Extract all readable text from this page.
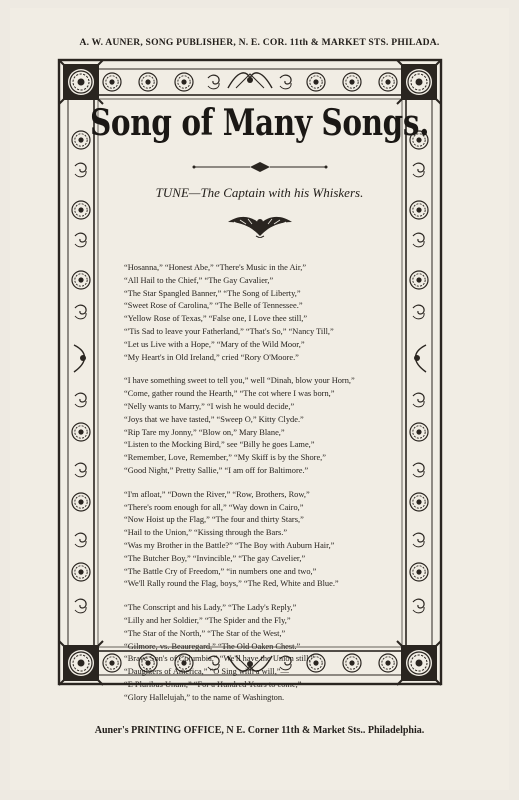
A. W. AUNER, SONG PUBLISHER, N. E. COR. 11th & MARKET STS. PHILADA.
Song of Many Songs.
TUNE—The Captain with his Whiskers.
“Hosanna,” “Honest Abe,” “There's Music in the Air,”
“All Hail to the Chief,” “The Gay Cavalier,”
“The Star Spangled Banner,” “The Song of Liberty,”
“Sweet Rose of Carolina,” “The Belle of Tennessee.”
“Yellow Rose of Texas,” “False one, I Love thee still,”
“'Tis Sad to leave your Fatherland,” “That's So,” “Nancy Till,”
“Let us Live with a Hope,” “Mary of the Wild Moor,”
“My Heart's in Old Ireland,” cried “Rory O'Moore.”
“I have something sweet to tell you,” well “Dinah, blow your Horn,”
“Come, gather round the Hearth,” “The cot where I was born,”
“Nelly wants to Marry,” “I wish he would decide,”
“Joys that we have tasted,” “Sweep O,” Kitty Clyde.”
“Rip Tare my Jonny,” “Blow on,” Mary Blane,”
“Listen to the Mocking Bird,” see “Billy he goes Lame,”
“Remember, Love, Remember,” “My Skiff is by the Shore,”
“Good Night,” Pretty Sallie,” “I am off for Baltimore.”
“I'm afloat,” “Down the River,” “Row, Brothers, Row,”
“There's room enough for all,” “Way down in Cairo,”
“Now Hoist up the Flag,” “The four and thirty Stars,”
“Hail to the Union,” “Kissing through the Bars.”
“Was my Brother in the Battle?” “The Boy with Auburn Hair,”
“The Butcher Boy,” “Invincible,” “The gay Cavelier,”
“The Battle Cry of Freedom,” “in numbers one and two,”
“We'll Rally round the Flag, boys,” “The Red, White and Blue.”
“The Conscript and his Lady,” “The Lady's Reply,”
“Lilly and her Soldier,” “The Spider and the Fly,”
“The Star of the North,” “The Star of the West,”
“Gilmore, vs. Beauregard,” “The Old Oaken Chest.”
“Brave Son's of Columbia,” “We'll have the Union still,”
“Daughters of America,” “O Sing with a will,”—
“E Pluribus Unum,” “For a Hundred Years to come,”
“Glory Hallelujah,” to the name of Washington.
Auner's PRINTING OFFICE, N E. Corner 11th & Market Sts.. Philadelphia.
